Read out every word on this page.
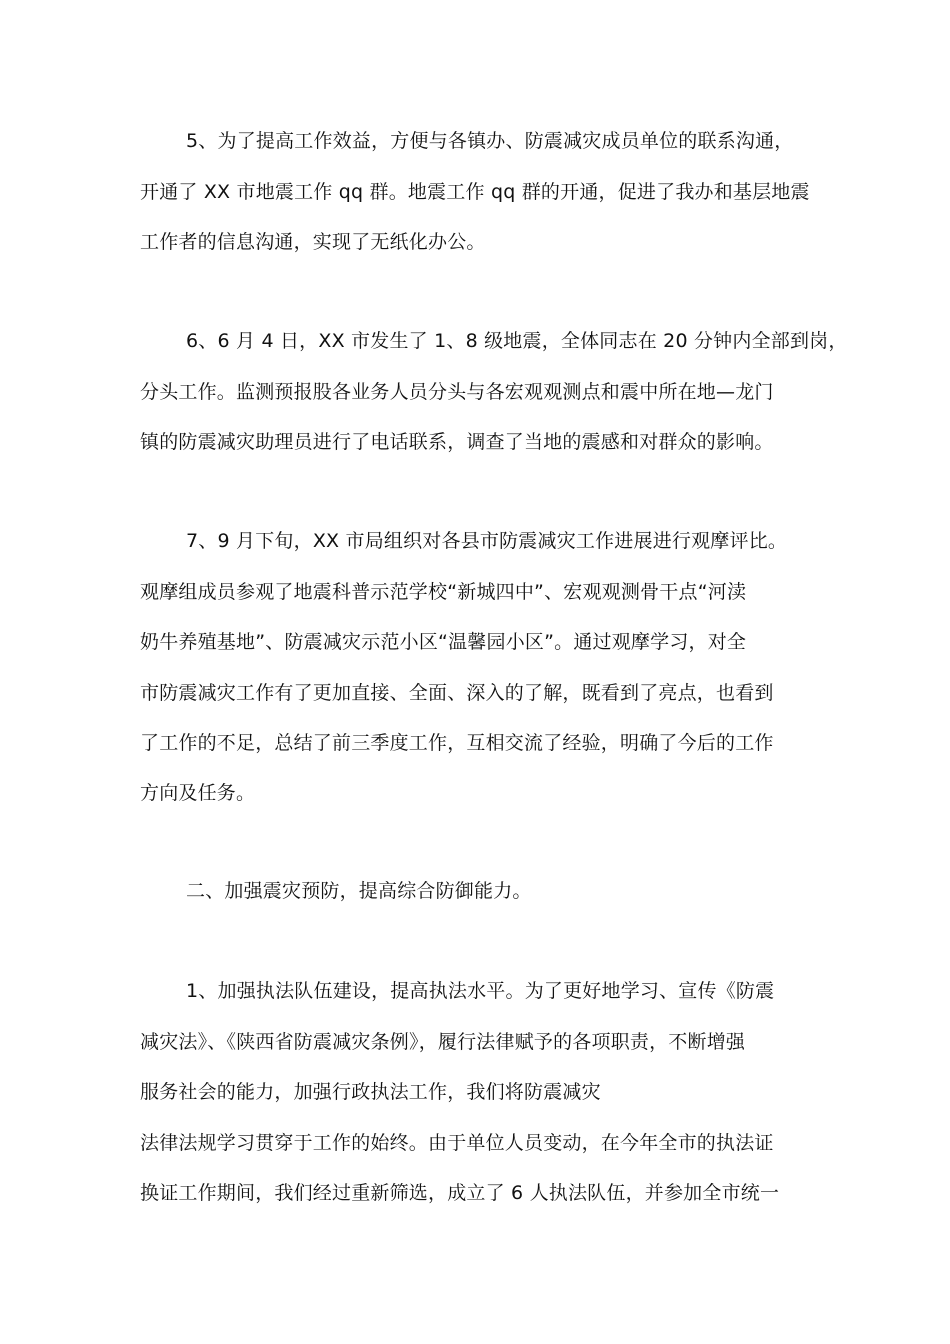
5、为了提高工作效益，方便与各镇办、防震减灾成员单位的联系沟通，
开通了 XX 市地震工作 qq 群。地震工作 qq 群的开通，促进了我办和基层地震
工作者的信息沟通，实现了无纸化办公。
6、6 月 4 日，XX 市发生了 1、8 级地震，全体同志在 20 分钟内全部到岗，
分头工作。监测预报股各业务人员分头与各宏观观测点和震中所在地—龙门
镇的防震减灾助理员进行了电话联系，调查了当地的震感和对群众的影响。
7、9 月下旬，XX 市局组织对各县市防震减灾工作进展进行观摩评比。
观摩组成员参观了地震科普示范学校“新城四中”、宏观观测骨干点“河渎
奶牛养殖基地”、防震减灾示范小区“温馨园小区”。通过观摩学习，对全
市防震减灾工作有了更加直接、全面、深入的了解，既看到了亮点，也看到
了工作的不足，总结了前三季度工作，互相交流了经验，明确了今后的工作
方向及任务。
二、加强震灾预防，提高综合防御能力。
1、加强执法队伍建设，提高执法水平。为了更好地学习、宣传《防震
减灾法》、《陕西省防震减灾条例》，履行法律赋予的各项职责，不断增强
服务社会的能力，加强行政执法工作，我们将防震减灾
法律法规学习贯穿于工作的始终。由于单位人员变动，在今年全市的执法证
换证工作期间，我们经过重新筛选，成立了 6 人执法队伍，并参加全市统一
